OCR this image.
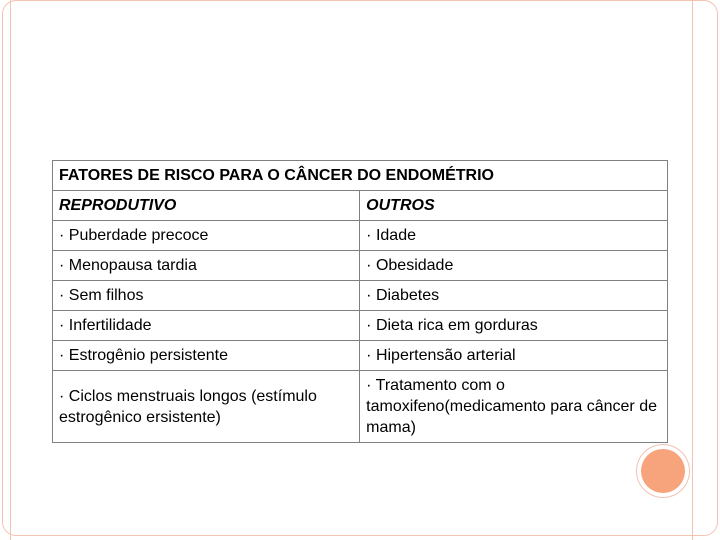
FATORES DE RISCO PARA O CÂNCER DO ENDOMÉTRIO	
REPRODUTIVO	OUTROS
· Puberdade precoce	· Idade
· Menopausa tardia	· Obesidade
· Sem filhos	· Diabetes
· Infertilidade	· Dieta rica em gorduras
· Estrogênio persistente	· Hipertensão arterial
· Ciclos menstruais longos (estímulo estrogênico ersistente)	· Tratamento com o tamoxifeno(medicamento para câncer de mama)
